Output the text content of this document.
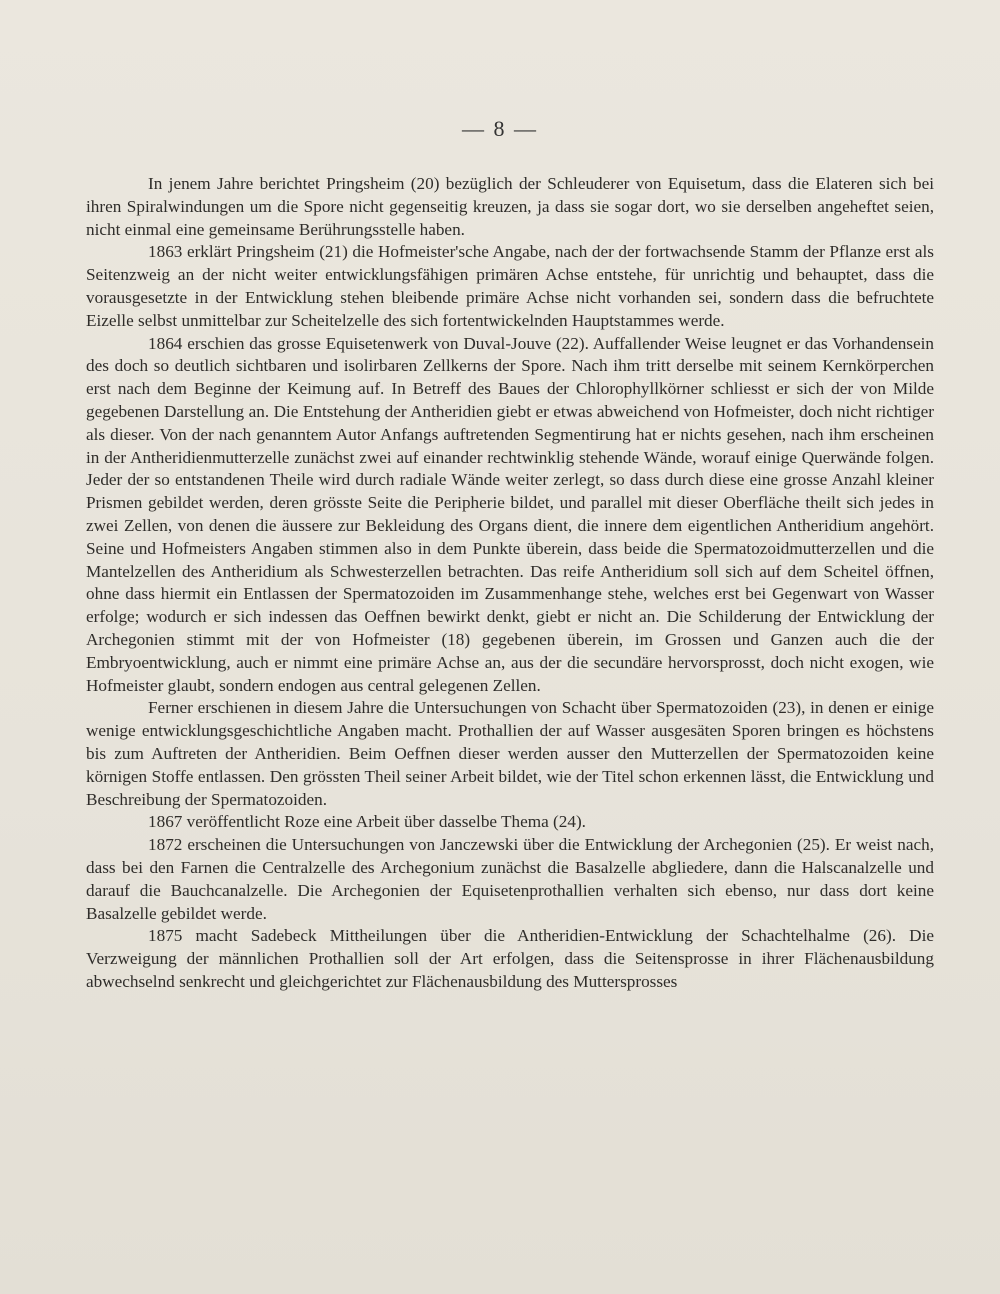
— 8 —

In jenem Jahre berichtet Pringsheim (20) bezüglich der Schleuderer von Equisetum, dass die Elateren sich bei ihren Spiralwindungen um die Spore nicht gegenseitig kreuzen, ja dass sie sogar dort, wo sie derselben angeheftet seien, nicht einmal eine gemeinsame Berührungsstelle haben.

1863 erklärt Pringsheim (21) die Hofmeister'sche Angabe, nach der der fortwachsende Stamm der Pflanze erst als Seitenzweig an der nicht weiter entwicklungsfähigen primären Achse entstehe, für unrichtig und behauptet, dass die vorausgesetzte in der Entwicklung stehen bleibende primäre Achse nicht vorhanden sei, sondern dass die befruchtete Eizelle selbst unmittelbar zur Scheitelzelle des sich fortentwickelnden Hauptstammes werde.

1864 erschien das grosse Equisetenwerk von Duval-Jouve (22). Auffallender Weise leugnet er das Vorhandensein des doch so deutlich sichtbaren und isolirbaren Zellkerns der Spore. Nach ihm tritt derselbe mit seinem Kernkörperchen erst nach dem Beginne der Keimung auf. In Betreff des Baues der Chlorophyllkörner schliesst er sich der von Milde gegebenen Darstellung an. Die Entstehung der Antheridien giebt er etwas abweichend von Hofmeister, doch nicht richtiger als dieser. Von der nach genanntem Autor Anfangs auftretenden Segmentirung hat er nichts gesehen, nach ihm erscheinen in der Antheridienmutterzelle zunächst zwei auf einander rechtwinklig stehende Wände, worauf einige Querwände folgen. Jeder der so entstandenen Theile wird durch radiale Wände weiter zerlegt, so dass durch diese eine grosse Anzahl kleiner Prismen gebildet werden, deren grösste Seite die Peripherie bildet, und parallel mit dieser Oberfläche theilt sich jedes in zwei Zellen, von denen die äussere zur Bekleidung des Organs dient, die innere dem eigentlichen Antheridium angehört. Seine und Hofmeisters Angaben stimmen also in dem Punkte überein, dass beide die Spermatozoidmutterzellen und die Mantelzellen des Antheridium als Schwesterzellen betrachten. Das reife Antheridium soll sich auf dem Scheitel öffnen, ohne dass hiermit ein Entlassen der Spermatozoiden im Zusammenhange stehe, welches erst bei Gegenwart von Wasser erfolge; wodurch er sich indessen das Oeffnen bewirkt denkt, giebt er nicht an. Die Schilderung der Entwicklung der Archegonien stimmt mit der von Hofmeister (18) gegebenen überein, im Grossen und Ganzen auch die der Embryoentwicklung, auch er nimmt eine primäre Achse an, aus der die secundäre hervorsprosst, doch nicht exogen, wie Hofmeister glaubt, sondern endogen aus central gelegenen Zellen.

Ferner erschienen in diesem Jahre die Untersuchungen von Schacht über Spermatozoiden (23), in denen er einige wenige entwicklungsgeschichtliche Angaben macht. Prothallien der auf Wasser ausgesäten Sporen bringen es höchstens bis zum Auftreten der Antheridien. Beim Oeffnen dieser werden ausser den Mutterzellen der Spermatozoiden keine körnigen Stoffe entlassen. Den grössten Theil seiner Arbeit bildet, wie der Titel schon erkennen lässt, die Entwicklung und Beschreibung der Spermatozoiden.

1867 veröffentlicht Roze eine Arbeit über dasselbe Thema (24).

1872 erscheinen die Untersuchungen von Janczewski über die Entwicklung der Archegonien (25). Er weist nach, dass bei den Farnen die Centralzelle des Archegonium zunächst die Basalzelle abgliedere, dann die Halscanalzelle und darauf die Bauchcanalzelle. Die Archegonien der Equisetenprothallien verhalten sich ebenso, nur dass dort keine Basalzelle gebildet werde.

1875 macht Sadebeck Mittheilungen über die Antheridien-Entwicklung der Schachtelhalme (26). Die Verzweigung der männlichen Prothallien soll der Art erfolgen, dass die Seitensprosse in ihrer Flächenausbildung abwechselnd senkrecht und gleichgerichtet zur Flächenausbildung des Muttersprosses
